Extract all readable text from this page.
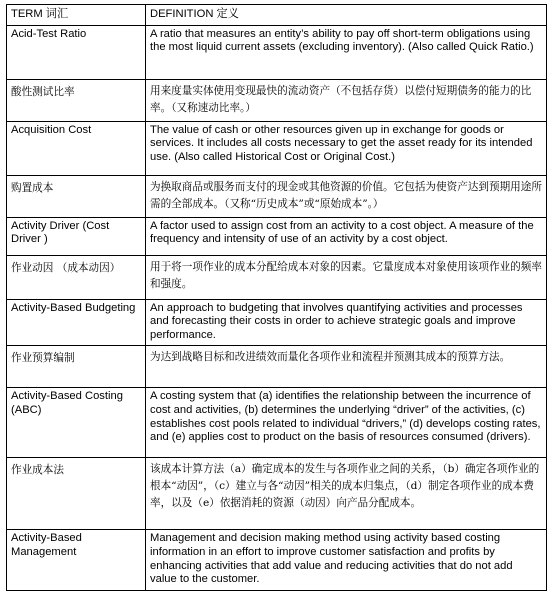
TERM 词汇	DEFINITION 定义
Acid-Test Ratio	A ratio that measures an entity’s ability to pay off short-term obligations using the most liquid current assets (excluding inventory). (Also called Quick Ratio.)
酸性测试比率	用来度量实体使用变现最快的流动资产（不包括存货）以偿付短期债务的能力的比率。（又称速动比率。）
Acquisition Cost	The value of cash or other resources given up in exchange for goods or services. It includes all costs necessary to get the asset ready for its intended use. (Also called Historical Cost or Original Cost.)
购置成本	为换取商品或服务而支付的现金或其他资源的价值。它包括为使资产达到预期用途所需的全部成本。（又称“历史成本”或“原始成本”。）
Activity Driver (Cost Driver )	A factor used to assign cost from an activity to a cost object. A measure of the frequency and intensity of use of an activity by a cost object.
作业动因 （成本动因）	用于将一项作业的成本分配给成本对象的因素。它量度成本对象使用该项作业的频率和强度。
Activity-Based Budgeting	An approach to budgeting that involves quantifying activities and processes and forecasting their costs in order to achieve strategic goals and improve performance.
作业预算编制	为达到战略目标和改进绩效而量化各项作业和流程并预测其成本的预算方法。
Activity-Based Costing (ABC)	A costing system that (a) identifies the relationship between the incurrence of cost and activities, (b) determines the underlying “driver” of the activities, (c) establishes cost pools related to individual “drivers,” (d) develops costing rates, and (e) applies cost to product on the basis of resources consumed (drivers).
作业成本法	该成本计算方法（a）确定成本的发生与各项作业之间的关系，（b）确定各项作业的根本“动因”，（c）建立与各“动因”相关的成本归集点，（d）制定各项作业的成本费率，以及（e）依据消耗的资源（动因）向产品分配成本。
Activity-Based Management	Management and decision making method using activity based costing information in an effort to improve customer satisfaction and profits by enhancing activities that add value and reducing activities that do not add value to the customer.
